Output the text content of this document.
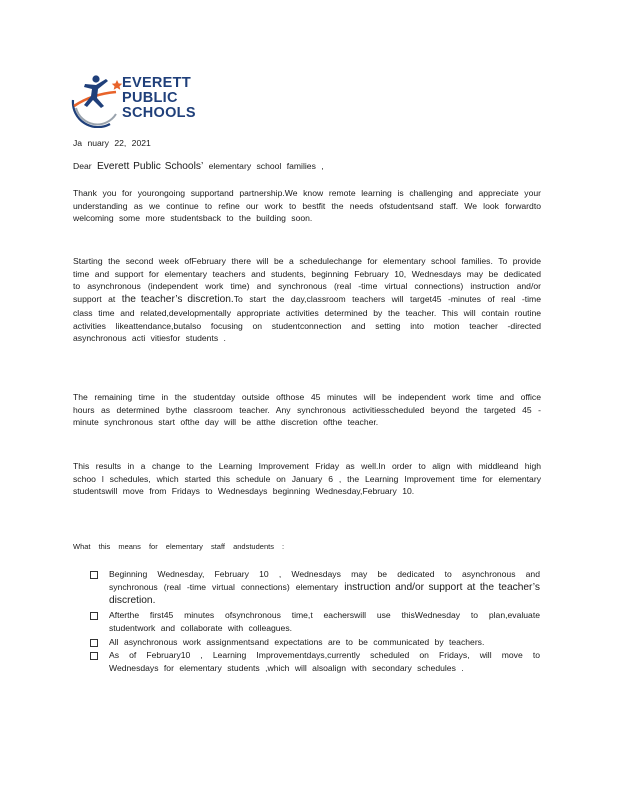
EVERETT
PUBLIC
SCHOOLS
Ja nuary 22, 2021
Dear Everett Public Schools’ elementary school families ,

Thank you for yourongoing supportand partnership.We know remote learning is challenging and appreciate your understanding as we continue to refine our work to bestfit the needs ofstudentsand staff. We look forwardto welcoming some more studentsback to the building soon.

Starting the second week ofFebruary there will be a schedulechange for elementary school families. To provide time and support for elementary teachers and students, beginning February 10, Wednesdays may be dedicated to asynchronous (independent work time) and synchronous (real -time virtual connections) instruction and/or support at the teacher’s discretion.To start the day,classroom teachers will target45 -minutes of real -time class time and related,developmentally appropriate activities determined by the teacher. This will contain routine activities likeattendance,butalso focusing on studentconnection and setting into motion teacher -directed asynchronous acti vitiesfor students .

The remaining time in the studentday outside ofthose 45 minutes will be independent work time and office hours as determined bythe classroom teacher. Any synchronous activitiesscheduled beyond the targeted 45 -minute synchronous start ofthe day will be atthe discretion ofthe teacher.

This results in a change to the Learning Improvement Friday as well.In order to align with middleand high schoo l schedules, which started this schedule on January 6 , the Learning Improvement time for elementary studentswill move from Fridays to Wednesdays beginning Wednesday,February 10.

What this means for elementary staff andstudents :
Beginning Wednesday, February 10 , Wednesdays may be dedicated to asynchronous and synchronous (real -time virtual connections) elementary instruction and/or support at the teacher’s discretion.
Afterthe first45 minutes ofsynchronous time,t eacherswill use thisWednesday to plan,evaluate studentwork and collaborate with colleagues.
All asynchronous work assignmentsand expectations are to be communicated by teachers.
As of February10 , Learning Improvementdays,currently scheduled on Fridays, will move to Wednesdays for elementary students ,which will alsoalign with secondary schedules .
